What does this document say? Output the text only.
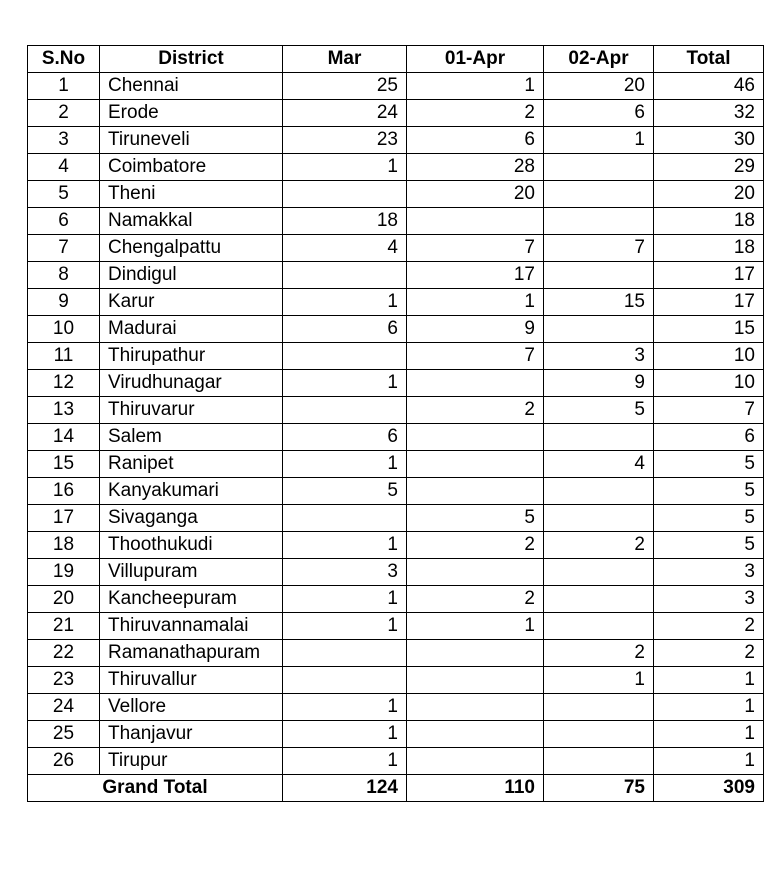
S.No	District	Mar	01-Apr	02-Apr	Total
1	Chennai	25	1	20	46
2	Erode	24	2	6	32
3	Tiruneveli	23	6	1	30
4	Coimbatore	1	28		29
5	Theni		20		20
6	Namakkal	18			18
7	Chengalpattu	4	7	7	18
8	Dindigul		17		17
9	Karur	1	1	15	17
10	Madurai	6	9		15
11	Thirupathur		7	3	10
12	Virudhunagar	1		9	10
13	Thiruvarur		2	5	7
14	Salem	6			6
15	Ranipet	1		4	5
16	Kanyakumari	5			5
17	Sivaganga		5		5
18	Thoothukudi	1	2	2	5
19	Villupuram	3			3
20	Kancheepuram	1	2		3
21	Thiruvannamalai	1	1		2
22	Ramanathapuram			2	2
23	Thiruvallur			1	1
24	Vellore	1			1
25	Thanjavur	1			1
26	Tirupur	1			1
Grand Total		124	110	75	309
